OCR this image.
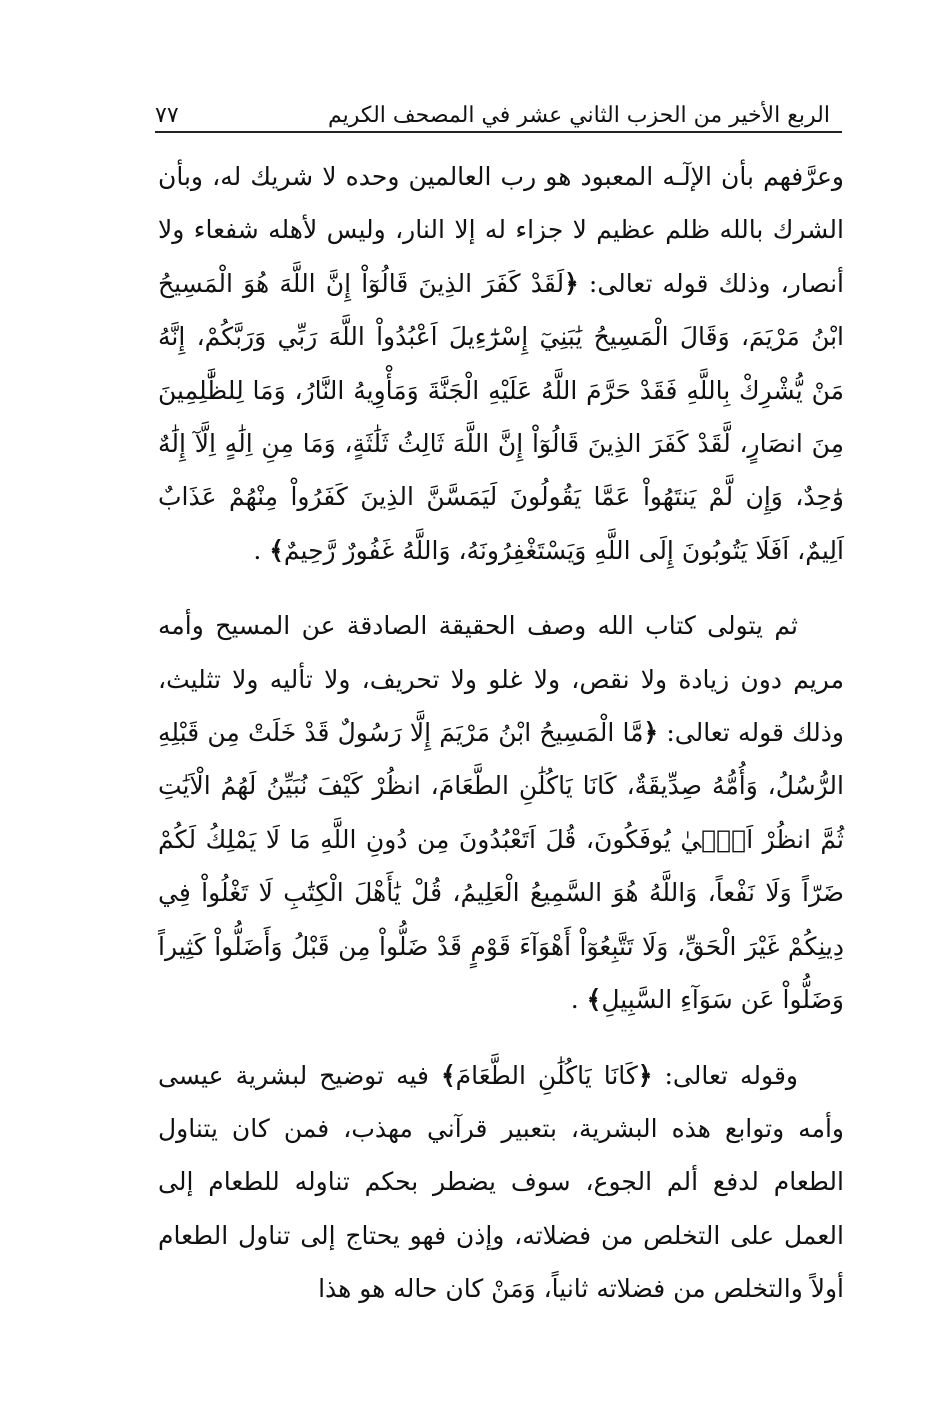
الربع الأخير من الحزب الثاني عشر في المصحف الكريم
٧٧

وعرَّفهم بأن الإلٓـه المعبود هو رب العالمين وحده لا شريك له، وبأن الشرك بالله ظلم عظيم لا جزاء له إلا النار، وليس لأهله شفعاء ولا أنصار، وذلك قوله تعالى: ﴿لَقَدْ كَفَرَ الذِينَ قَالُوٓاْ إِنَّ اللَّهَ هُوَ الْمَسِيحُ ابْنُ مَرْيَمَ، وَقَالَ الْمَسِيحُ يَٰبَنِيٓ إِسْرَٰٓءِيلَ اَعْبُدُواْ اللَّهَ رَبِّي وَرَبَّكُمْ، إِنَّهُ مَنْ يُّشْرِكْ بِاللَّهِ فَقَدْ حَرَّمَ اللَّهُ عَلَيْهِ الْجَنَّةَ وَمَأْوِيهُ النَّارُ، وَمَا لِلظَّٰلِمِينَ مِنَ انصَارٍ، لَّقَدْ كَفَرَ الذِينَ قَالُوٓاْ إِنَّ اللَّهَ ثَالِثُ ثَلَٰثَةٍ، وَمَا مِنِ اِلَٰهٍ اِلَّآ إِلَٰهٌ وَٰحِدٌ، وَإِن لَّمْ يَنتَهُواْ عَمَّا يَقُولُونَ لَيَمَسَّنَّ الذِينَ كَفَرُواْ مِنْهُمْ عَذَابٌ اَلِيمٌ، اَفَلَا يَتُوبُونَ إِلَى اللَّهِ وَيَسْتَغْفِرُونَهُ، وَاللَّهُ غَفُورٌ رَّحِيمٌ﴾ .

ثم يتولى كتاب الله وصف الحقيقة الصادقة عن المسيح وأمه مريم دون زيادة ولا نقص، ولا غلو ولا تحريف، ولا تأليه ولا تثليث، وذلك قوله تعالى: ﴿مَّا الْمَسِيحُ ابْنُ مَرْيَمَ إِلَّا رَسُولٌ قَدْ خَلَتْ مِن قَبْلِهِ الرُّسُلُ، وَأُمُّهُ صِدِّيقَةٌ، كَانَا يَاكُلَٰنِ الطَّعَامَ، انظُرْ كَيْفَ نُبَيِّنُ لَهُمُ الْاَيَٰتِ ثُمَّ انظُرْ اَنّ۪يٰ يُوفَكُونَ، قُلَ اَتَعْبُدُونَ مِن دُونِ اللَّهِ مَا لَا يَمْلِكُ لَكُمْ ضَرّاً وَلَا نَفْعاً، وَاللَّهُ هُوَ السَّمِيعُ الْعَلِيمُ، قُلْ يَٰأَهْلَ الْكِتَٰبِ لَا تَغْلُواْ فِي دِينِكُمْ غَيْرَ الْحَقِّ، وَلَا تَتَّبِعُوٓاْ أَهْوَآءَ قَوْمٍ قَدْ ضَلُّواْ مِن قَبْلُ وَأَضَلُّواْ كَثِيراً وَضَلُّواْ عَن سَوَآءِ السَّبِيلِ﴾ .

وقوله تعالى: ﴿كَانَا يَاكُلَٰنِ الطَّعَامَ﴾ فيه توضيح لبشرية عيسى وأمه وتوابع هذه البشرية، بتعبير قرآني مهذب، فمن كان يتناول الطعام لدفع ألم الجوع، سوف يضطر بحكم تناوله للطعام إلى العمل على التخلص من فضلاته، وإذن فهو يحتاج إلى تناول الطعام أولاً والتخلص من فضلاته ثانياً، وَمَنْ كان حاله هو هذا
